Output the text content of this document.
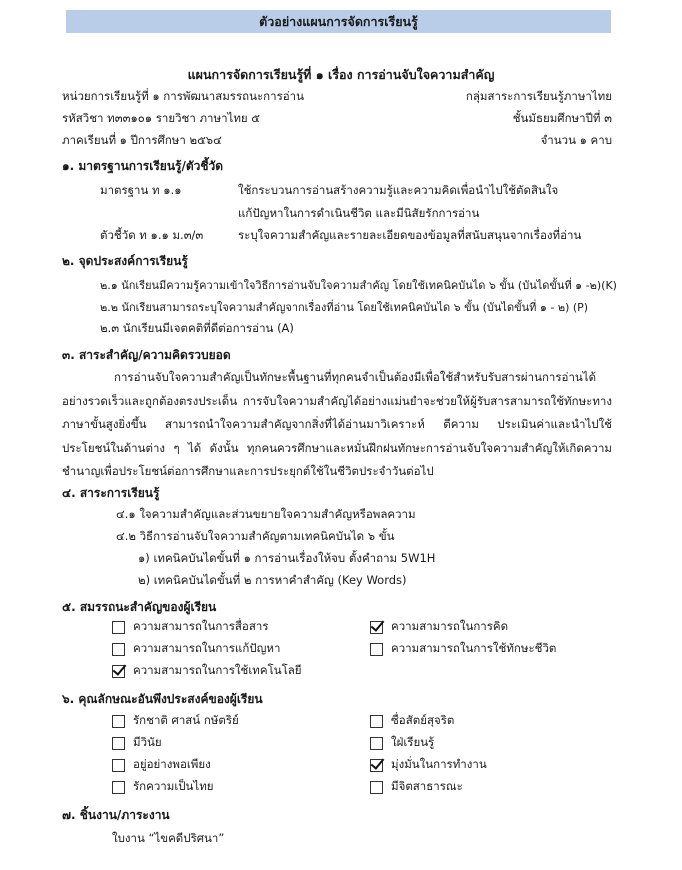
ตัวอย่างแผนการจัดการเรียนรู้
แผนการจัดการเรียนรู้ที่ ๑ เรื่อง การอ่านจับใจความสำคัญ
หน่วยการเรียนรู้ที่ ๑ การพัฒนาสมรรถนะการอ่าน	กลุ่มสาระการเรียนรู้ภาษาไทย
รหัสวิชา ท๓๓๑๐๑ รายวิชา ภาษาไทย ๕	ชั้นมัธยมศึกษาปีที่ ๓
ภาคเรียนที่ ๑ ปีการศึกษา ๒๕๖๔	จำนวน ๑ คาบ
๑. มาตรฐานการเรียนรู้/ตัวชี้วัด
มาตรฐาน ท ๑.๑	ใช้กระบวนการอ่านสร้างความรู้และความคิดเพื่อนำไปใช้ตัดสินใจ
แก้ปัญหาในการดำเนินชีวิต และมีนิสัยรักการอ่าน
ตัวชี้วัด ท ๑.๑ ม.๓/๓	ระบุใจความสำคัญและรายละเอียดของข้อมูลที่สนับสนุนจากเรื่องที่อ่าน
๒. จุดประสงค์การเรียนรู้
๒.๑ นักเรียนมีความรู้ความเข้าใจวิธีการอ่านจับใจความสำคัญ โดยใช้เทคนิคบันได ๖ ขั้น (บันไดขั้นที่ ๑ -๒)(K)
๒.๒ นักเรียนสามารถระบุใจความสำคัญจากเรื่องที่อ่าน โดยใช้เทคนิคบันได ๖ ขั้น (บันไดขั้นที่ ๑ - ๒) (P)
๒.๓ นักเรียนมีเจตคติที่ดีต่อการอ่าน (A)
๓. สาระสำคัญ/ความคิดรวบยอด
การอ่านจับใจความสำคัญเป็นทักษะพื้นฐานที่ทุกคนจำเป็นต้องมีเพื่อใช้สำหรับรับสารผ่านการอ่านได้อย่างรวดเร็วและถูกต้องตรงประเด็น การจับใจความสำคัญได้อย่างแม่นยำจะช่วยให้ผู้รับสารสามารถใช้ทักษะทางภาษาขั้นสูงยิ่งขึ้น สามารถนำใจความสำคัญจากสิ่งที่ได้อ่านมาวิเคราะห์ ตีความ ประเมินค่าและนำไปใช้ประโยชน์ในด้านต่าง ๆ ได้ ดังนั้น ทุกคนควรศึกษาและหมั่นฝึกฝนทักษะการอ่านจับใจความสำคัญให้เกิดความชำนาญเพื่อประโยชน์ต่อการศึกษาและการประยุกต์ใช้ในชีวิตประจำวันต่อไป
๔. สาระการเรียนรู้
๔.๑ ใจความสำคัญและส่วนขยายใจความสำคัญหรือพลความ
๔.๒ วิธีการอ่านจับใจความสำคัญตามเทคนิคบันได ๖ ขั้น
๑) เทคนิคบันไดขั้นที่ ๑ การอ่านเรื่องให้จบ ตั้งคำถาม 5W1H
๒) เทคนิคบันไดขั้นที่ ๒ การหาคำสำคัญ (Key Words)
๕. สมรรถนะสำคัญของผู้เรียน
ความสามารถในการสื่อสาร	ความสามารถในการคิด
ความสามารถในการแก้ปัญหา	ความสามารถในการใช้ทักษะชีวิต
ความสามารถในการใช้เทคโนโลยี
๖. คุณลักษณะอันพึงประสงค์ของผู้เรียน
รักชาติ ศาสน์ กษัตริย์	ซื่อสัตย์สุจริต
มีวินัย	ใฝ่เรียนรู้
อยู่อย่างพอเพียง	มุ่งมั่นในการทำงาน
รักความเป็นไทย	มีจิตสาธารณะ
๗. ชิ้นงาน/ภาระงาน
ใบงาน “ไขคดีปริศนา”
